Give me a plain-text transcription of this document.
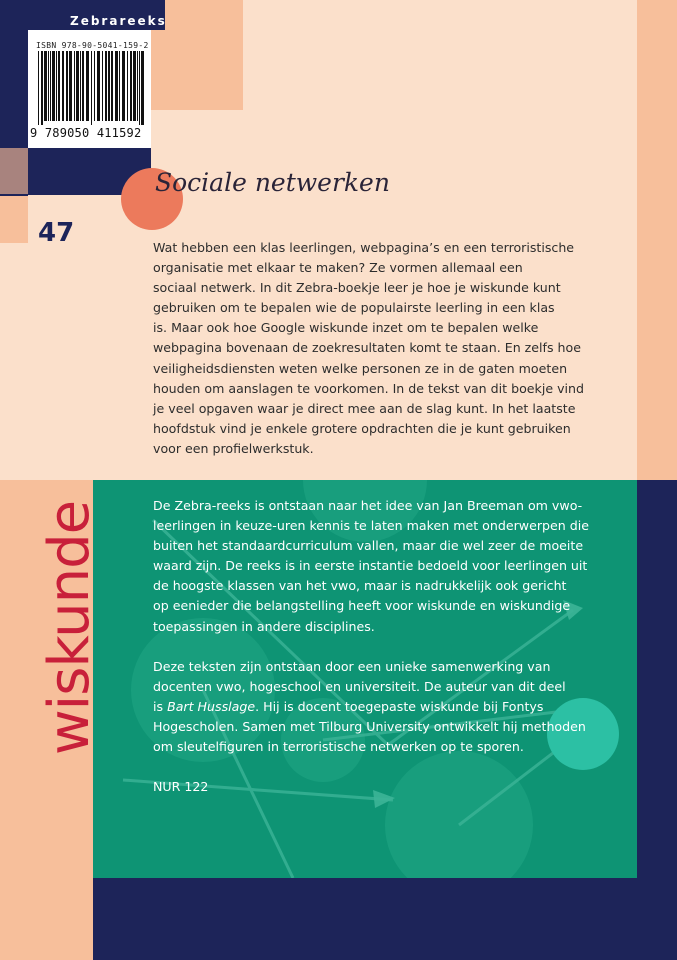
Zebrareeks
ISBN 978-90-5041-159-2
9 789050 411592
Sociale netwerken
47	Wat hebben een klas leerlingen, webpagina’s en een terroristische
organisatie met elkaar te maken? Ze vormen allemaal een
sociaal netwerk. In dit Zebra-boekje leer je hoe je wiskunde kunt
gebruiken om te bepalen wie de populairste leerling in een klas
is. Maar ook hoe Google wiskunde inzet om te bepalen welke
webpagina bovenaan de zoekresultaten komt te staan. En zelfs hoe
veiligheidsdiensten weten welke personen ze in de gaten moeten
houden om aanslagen te voorkomen. In de tekst van dit boekje vind
je veel opgaven waar je direct mee aan de slag kunt. In het laatste
hoofdstuk vind je enkele grotere opdrachten die je kunt gebruiken
voor een profielwerkstuk.
wiskunde	De Zebra-reeks is ontstaan naar het idee van Jan Breeman om vwo-
leerlingen in keuze-uren kennis te laten maken met onderwerpen die
buiten het standaardcurriculum vallen, maar die wel zeer de moeite
waard zijn. De reeks is in eerste instantie bedoeld voor leerlingen uit
de hoogste klassen van het vwo, maar is nadrukkelijk ook gericht
op eenieder die belangstelling heeft voor wiskunde en wiskundige
toepassingen in andere disciplines.

Deze teksten zijn ontstaan door een unieke samenwerking van
docenten vwo, hogeschool en universiteit. De auteur van dit deel
is Bart Husslage. Hij is docent toegepaste wiskunde bij Fontys
Hogescholen. Samen met Tilburg University ontwikkelt hij methoden
om sleutelfiguren in terroristische netwerken op te sporen.

NUR 122
